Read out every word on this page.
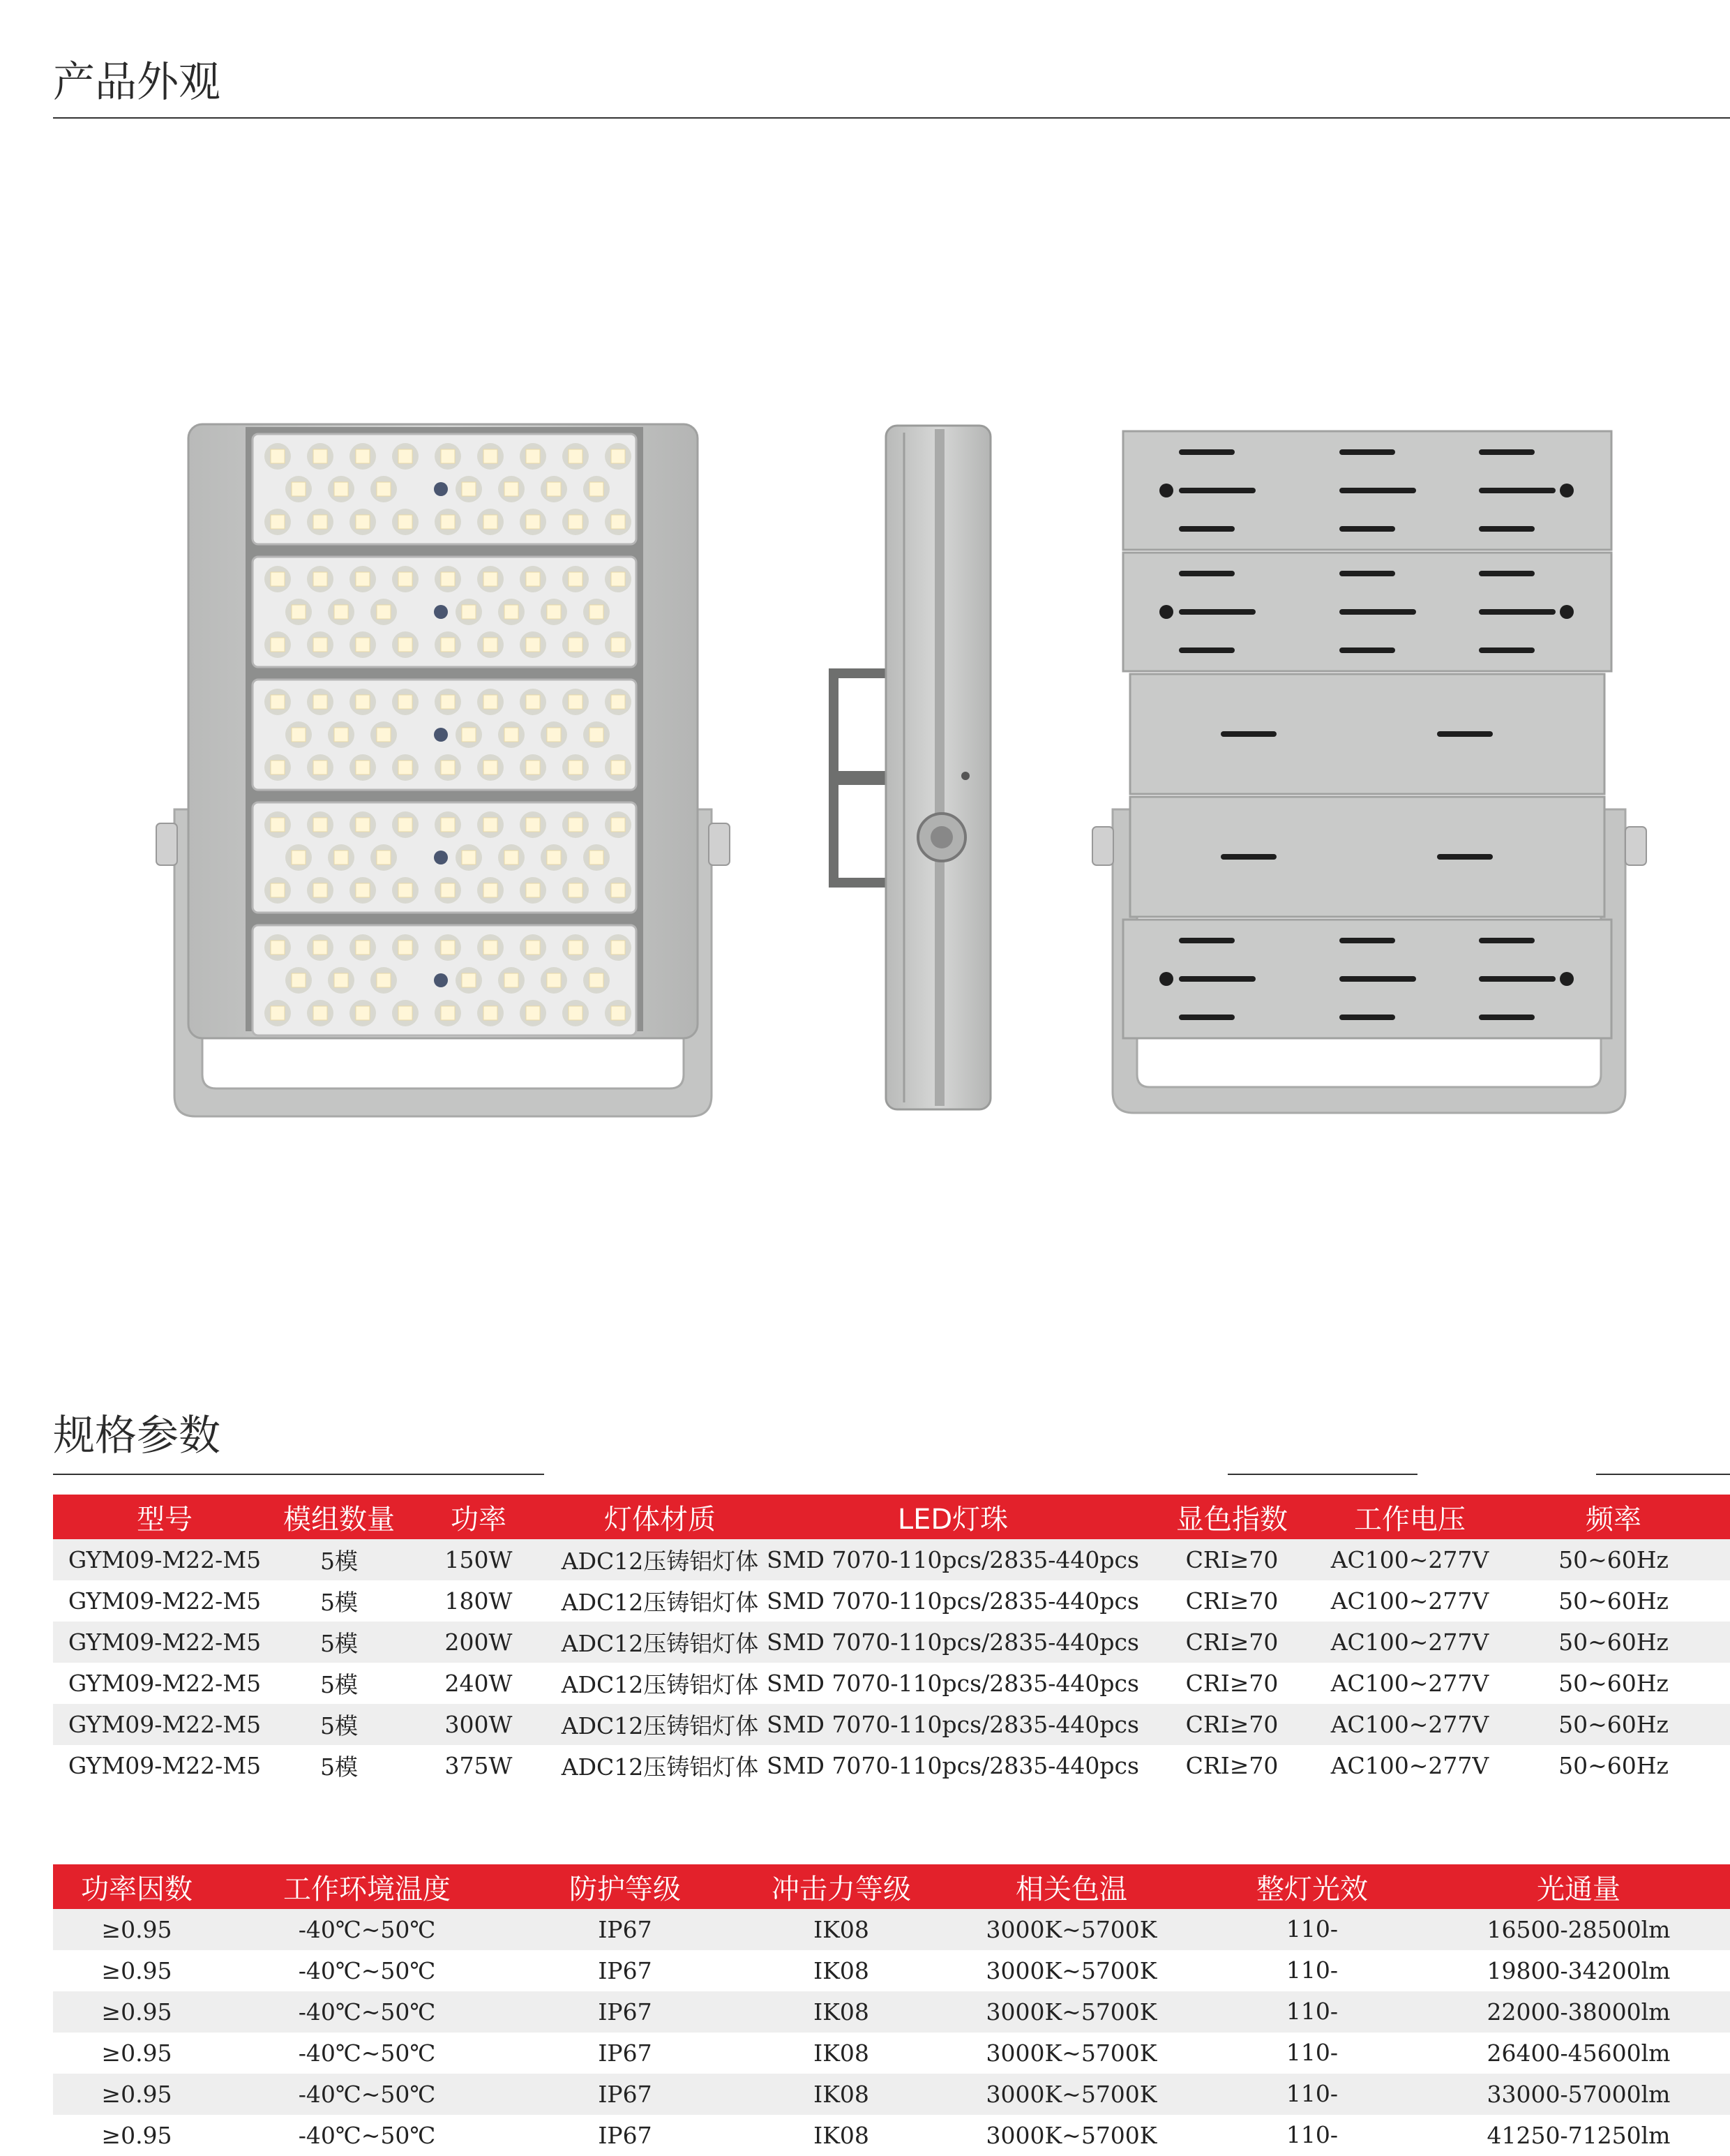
产品外观
规格参数
型号	模组数量	功率	灯体材质	LED灯珠	显色指数	工作电压	频率
GYM09-M22-M5	5模	150W	ADC12压铸铝灯体	SMD 7070-110pcs/2835-440pcs	CRI≥70	AC100~277V	50~60Hz
GYM09-M22-M5	5模	180W	ADC12压铸铝灯体	SMD 7070-110pcs/2835-440pcs	CRI≥70	AC100~277V	50~60Hz
GYM09-M22-M5	5模	200W	ADC12压铸铝灯体	SMD 7070-110pcs/2835-440pcs	CRI≥70	AC100~277V	50~60Hz
GYM09-M22-M5	5模	240W	ADC12压铸铝灯体	SMD 7070-110pcs/2835-440pcs	CRI≥70	AC100~277V	50~60Hz
GYM09-M22-M5	5模	300W	ADC12压铸铝灯体	SMD 7070-110pcs/2835-440pcs	CRI≥70	AC100~277V	50~60Hz
GYM09-M22-M5	5模	375W	ADC12压铸铝灯体	SMD 7070-110pcs/2835-440pcs	CRI≥70	AC100~277V	50~60Hz
功率因数	工作环境温度	防护等级	冲击力等级	相关色温	整灯光效	光通量
≥0.95	-40℃~50℃	IP67	IK08	3000K~5700K	110-	16500-28500lm
≥0.95	-40℃~50℃	IP67	IK08	3000K~5700K	110-	19800-34200lm
≥0.95	-40℃~50℃	IP67	IK08	3000K~5700K	110-	22000-38000lm
≥0.95	-40℃~50℃	IP67	IK08	3000K~5700K	110-	26400-45600lm
≥0.95	-40℃~50℃	IP67	IK08	3000K~5700K	110-	33000-57000lm
≥0.95	-40℃~50℃	IP67	IK08	3000K~5700K	110-	41250-71250lm
